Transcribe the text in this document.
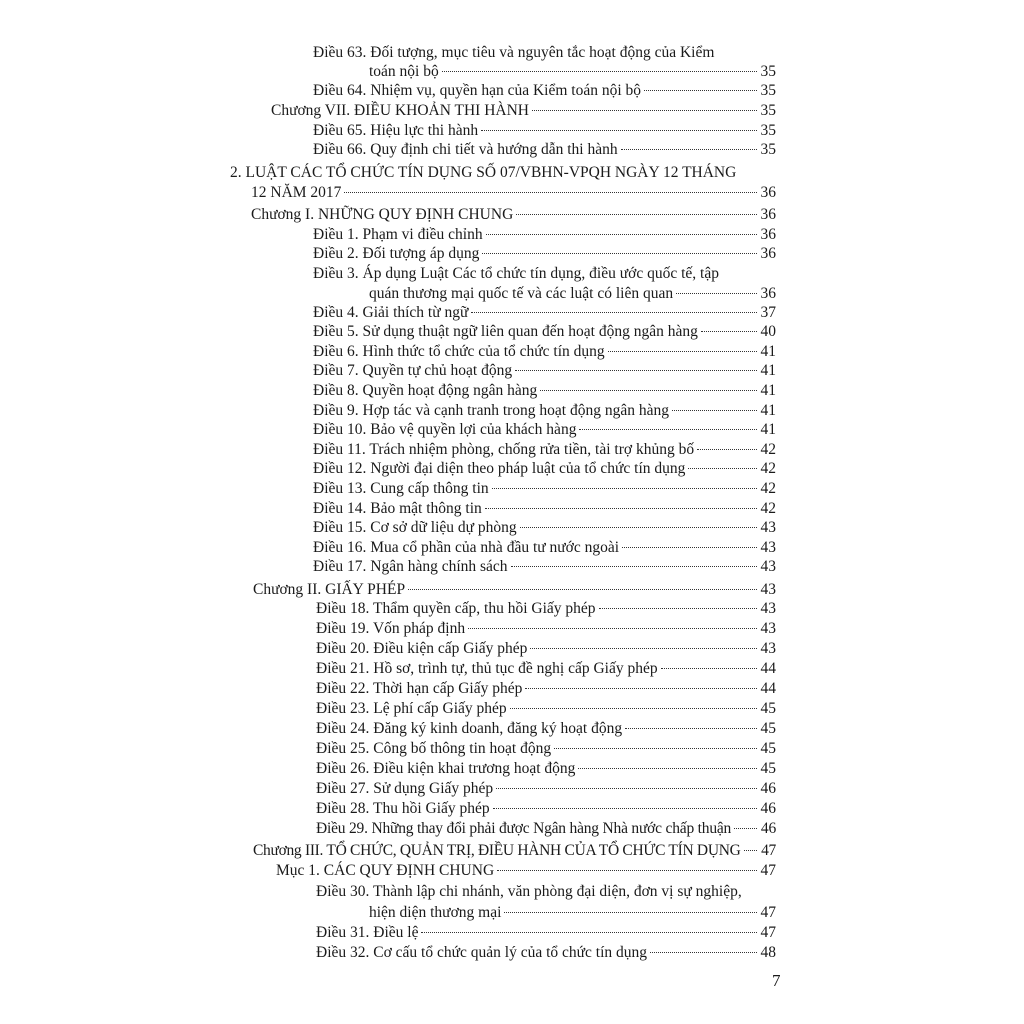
Điều 63. Đối tượng, mục tiêu và nguyên tắc hoạt động của Kiểm
toán nội bộ	35
Điều 64. Nhiệm vụ, quyền hạn của Kiểm toán nội bộ	35
Chương VII. ĐIỀU KHOẢN THI HÀNH	35
Điều 65. Hiệu lực thi hành	35
Điều 66. Quy định chi tiết và hướng dẫn thi hành	35
2. LUẬT CÁC TỔ CHỨC TÍN DỤNG SỐ 07/VBHN-VPQH NGÀY 12 THÁNG
12 NĂM 2017	36
Chương I. NHỮNG QUY ĐỊNH CHUNG	36
Điều 1. Phạm vi điều chỉnh	36
Điều 2. Đối tượng áp dụng	36
Điều 3. Áp dụng Luật Các tổ chức tín dụng, điều ước quốc tế, tập
quán thương mại quốc tế và các luật có liên quan	36
Điều 4. Giải thích từ ngữ	37
Điều 5. Sử dụng thuật ngữ liên quan đến hoạt động ngân hàng	40
Điều 6. Hình thức tổ chức của tổ chức tín dụng	41
Điều 7. Quyền tự chủ hoạt động	41
Điều 8. Quyền hoạt động ngân hàng	41
Điều 9. Hợp tác và cạnh tranh trong hoạt động ngân hàng	41
Điều 10. Bảo vệ quyền lợi của khách hàng	41
Điều 11. Trách nhiệm phòng, chống rửa tiền, tài trợ khủng bố	42
Điều 12. Người đại diện theo pháp luật của tổ chức tín dụng	42
Điều 13. Cung cấp thông tin	42
Điều 14. Bảo mật thông tin	42
Điều 15. Cơ sở dữ liệu dự phòng	43
Điều 16. Mua cổ phần của nhà đầu tư nước ngoài	43
Điều 17. Ngân hàng chính sách	43
Chương II. GIẤY PHÉP	43
Điều 18. Thẩm quyền cấp, thu hồi Giấy phép	43
Điều 19. Vốn pháp định	43
Điều 20. Điều kiện cấp Giấy phép	43
Điều 21. Hồ sơ, trình tự, thủ tục đề nghị cấp Giấy phép	44
Điều 22. Thời hạn cấp Giấy phép	44
Điều 23. Lệ phí cấp Giấy phép	45
Điều 24. Đăng ký kinh doanh, đăng ký hoạt động	45
Điều 25. Công bố thông tin hoạt động	45
Điều 26. Điều kiện khai trương hoạt động	45
Điều 27. Sử dụng Giấy phép	46
Điều 28. Thu hồi Giấy phép	46
Điều 29. Những thay đổi phải được Ngân hàng Nhà nước chấp thuận 46
Chương III. TỔ CHỨC, QUẢN TRỊ, ĐIỀU HÀNH CỦA TỔ CHỨC TÍN DỤNG 47
Mục 1. CÁC QUY ĐỊNH CHUNG	47
Điều 30. Thành lập chi nhánh, văn phòng đại diện, đơn vị sự nghiệp,
hiện diện thương mại	47
Điều 31. Điều lệ	47
Điều 32. Cơ cấu tổ chức quản lý của tổ chức tín dụng	48
7
